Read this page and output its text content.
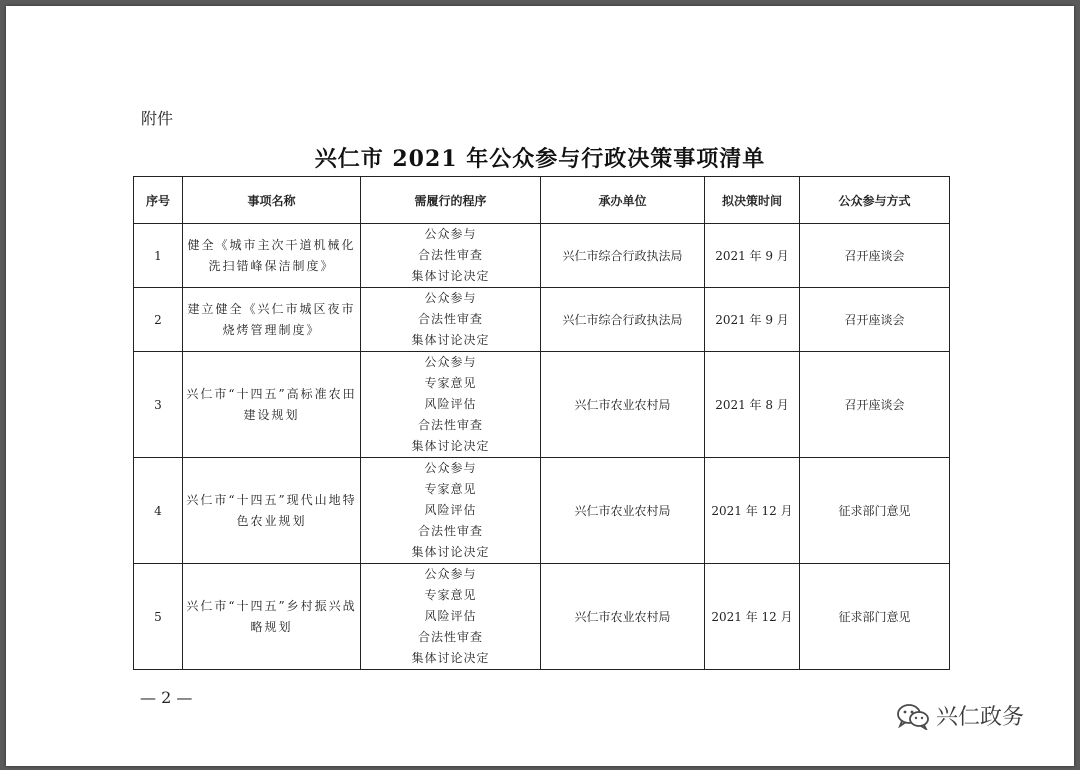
附件
兴仁市 2021 年公众参与行政决策事项清单
序号	事项名称	需履行的程序	承办单位	拟决策时间	公众参与方式
1	健全《城市主次干道机械化洗扫错峰保洁制度》	公众参与
合法性审查
集体讨论决定	兴仁市综合行政执法局	2021 年 9 月	召开座谈会
2	建立健全《兴仁市城区夜市烧烤管理制度》	公众参与
合法性审查
集体讨论决定	兴仁市综合行政执法局	2021 年 9 月	召开座谈会
3	兴仁市“十四五”高标准农田建设规划	公众参与
专家意见
风险评估
合法性审查
集体讨论决定	兴仁市农业农村局	2021 年 8 月	召开座谈会
4	兴仁市“十四五”现代山地特色农业规划	公众参与
专家意见
风险评估
合法性审查
集体讨论决定	兴仁市农业农村局	2021 年 12 月	征求部门意见
5	兴仁市“十四五”乡村振兴战略规划	公众参与
专家意见
风险评估
合法性审查
集体讨论决定	兴仁市农业农村局	2021 年 12 月	征求部门意见
— 2 —
兴仁政务
